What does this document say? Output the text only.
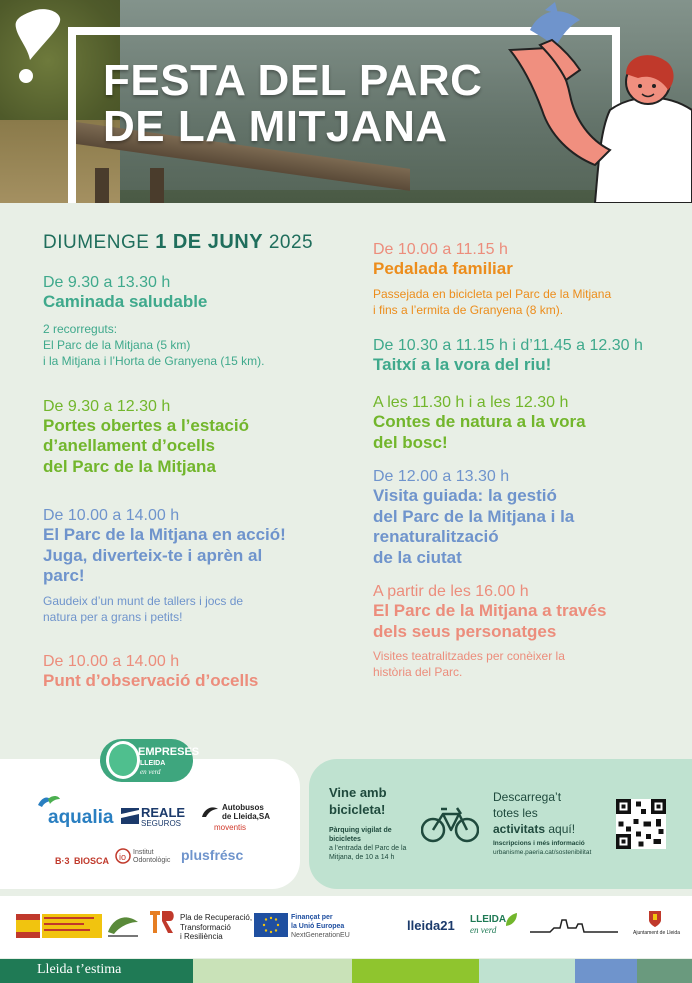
FESTA DEL PARC
DE LA MITJANA
DIUMENGE 1 DE JUNY 2025
De 9.30 a 13.30 h
Caminada saludable
2 recorreguts:
El Parc de la Mitjana (5 km)
i la Mitjana i l’Horta de Granyena (15 km).
De 9.30 a 12.30 h
Portes obertes a l’estació
d’anellament d’ocells
del Parc de la Mitjana
De 10.00 a 14.00 h
El Parc de la Mitjana en acció!
Juga, diverteix-te i aprèn al
parc!
Gaudeix d’un munt de tallers i jocs de
natura per a grans i petits!
De 10.00 a 14.00 h
Punt d’observació d’ocells
De 10.00 a 11.15 h
Pedalada familiar
Passejada en bicicleta pel Parc de la Mitjana
i fins a l’ermita de Granyena (8 km).
De 10.30 a 11.15 h i d’11.45 a 12.30 h
Taitxí a la vora del riu!
A les 11.30 h i a les 12.30 h
Contes de natura a la vora
del bosc!
De 12.00 a 13.30 h
Visita guiada: la gestió
del Parc de la Mitjana i la
renaturalització
de la ciutat
A partir de les 16.00 h
El Parc de la Mitjana a través
dels seus personatges
Visites teatralitzades per conèixer la
història del Parc.
aqualia REALE
SEGUROS
Autobusos
de Lleida,SA
moventis
B·3 BIOSCA io Institut
Odontològic plusfrésc
EMPRESES
LLEIDA
en verd
Vine amb
bicicleta!
Pàrquing vigilat de
bicicletes
a l’entrada del Parc de la
Mitjana, de 10 a 14 h
Descarrega’t
totes les
activitats aquí!
Inscripcions i més informació
urbanisme.paeria.cat/sostenibilitat
Pla de Recuperació,
Transformació
i Resiliència
Finançat per
la Unió Europea
NextGenerationEU
lleida21 LLEIDA
en verd	Ajuntament de Lleida
Lleida t’estima
